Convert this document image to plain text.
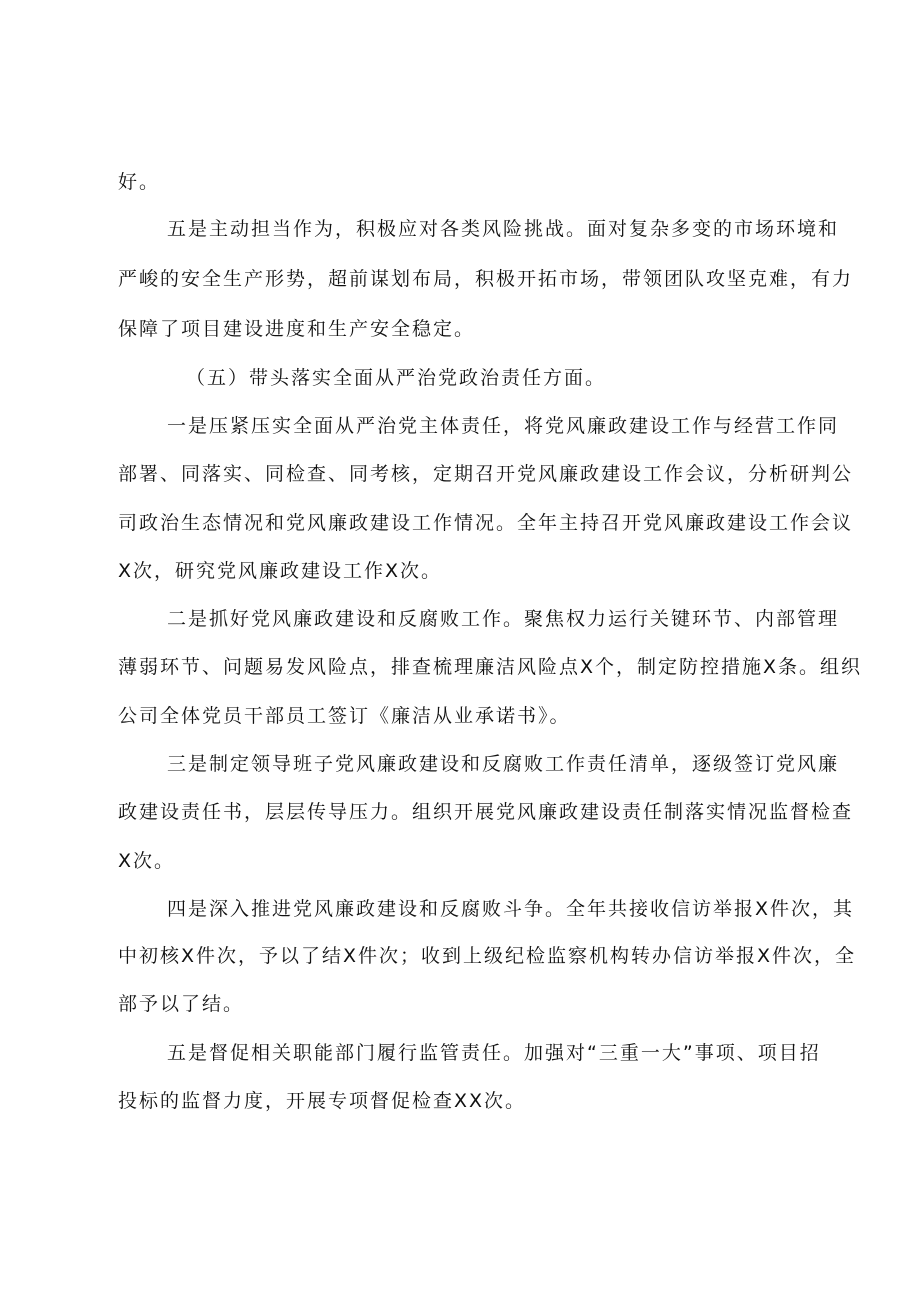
好。
五是主动担当作为，积极应对各类风险挑战。面对复杂多变的市场环境和
严峻的安全生产形势，超前谋划布局，积极开拓市场，带领团队攻坚克难，有力
保障了项目建设进度和生产安全稳定。
（五）带头落实全面从严治党政治责任方面。
一是压紧压实全面从严治党主体责任，将党风廉政建设工作与经营工作同
部署、同落实、同检查、同考核，定期召开党风廉政建设工作会议，分析研判公
司政治生态情况和党风廉政建设工作情况。全年主持召开党风廉政建设工作会议
X次，研究党风廉政建设工作X次。
二是抓好党风廉政建设和反腐败工作。聚焦权力运行关键环节、内部管理
薄弱环节、问题易发风险点，排查梳理廉洁风险点X个，制定防控措施X条。组织
公司全体党员干部员工签订《廉洁从业承诺书》。
三是制定领导班子党风廉政建设和反腐败工作责任清单，逐级签订党风廉
政建设责任书，层层传导压力。组织开展党风廉政建设责任制落实情况监督检查
X次。
四是深入推进党风廉政建设和反腐败斗争。全年共接收信访举报X件次，其
中初核X件次，予以了结X件次；收到上级纪检监察机构转办信访举报X件次，全
部予以了结。
五是督促相关职能部门履行监管责任。加强对“三重一大”事项、项目招
投标的监督力度，开展专项督促检查XX次。
